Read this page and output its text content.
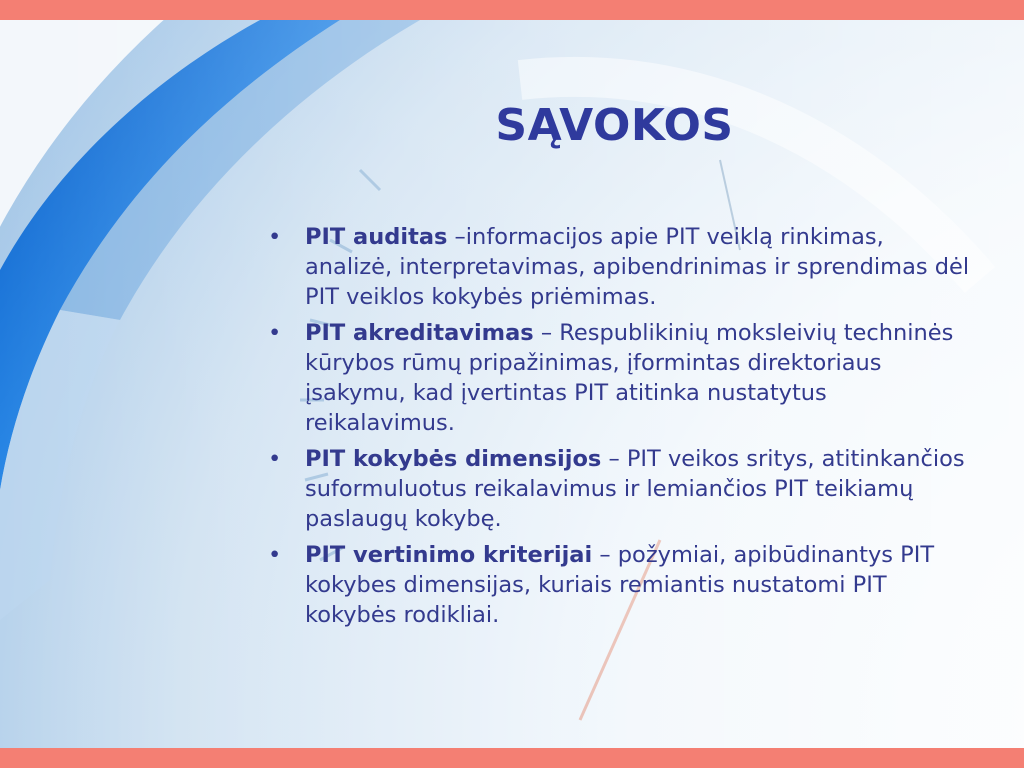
SĄVOKOS
• PIT auditas –informacijos apie PIT veiklą rinkimas, analizė, interpretavimas, apibendrinimas ir sprendimas dėl PIT veiklos kokybės priėmimas.
• PIT akreditavimas – Respublikinių moksleivių techninės kūrybos rūmų pripažinimas, įformintas direktoriaus įsakymu, kad įvertintas PIT atitinka nustatytus reikalavimus.
• PIT kokybės dimensijos – PIT veikos sritys, atitinkančios suformuluotus reikalavimus ir lemiančios PIT teikiamų paslaugų kokybę.
• PIT vertinimo kriterijai – požymiai, apibūdinantys PIT kokybes dimensijas, kuriais remiantis nustatomi PIT kokybės rodikliai.
